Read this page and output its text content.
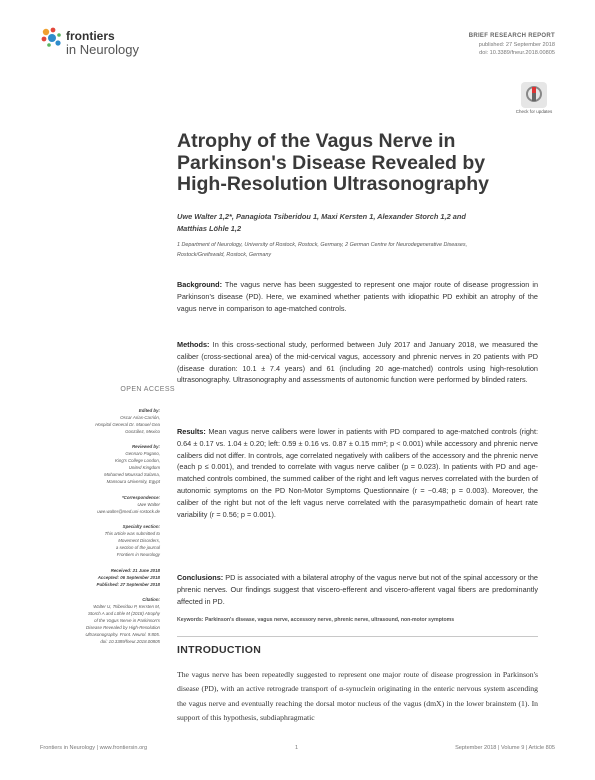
frontiers
in Neurology
BRIEF RESEARCH REPORT
published: 27 September 2018
doi: 10.3389/fneur.2018.00805
Check for updates
Atrophy of the Vagus Nerve in Parkinson's Disease Revealed by High-Resolution Ultrasonography
Uwe Walter 1,2*, Panagiota Tsiberidou 1, Maxi Kersten 1, Alexander Storch 1,2 and
Matthias Löhle 1,2
1 Department of Neurology, University of Rostock, Rostock, Germany, 2 German Centre for Neurodegenerative Diseases,
Rostock/Greifswald, Rostock, Germany
Background: The vagus nerve has been suggested to represent one major route of disease progression in Parkinson's disease (PD). Here, we examined whether patients with idiopathic PD exhibit an atrophy of the vagus nerve in comparison to age-matched controls.
Methods: In this cross-sectional study, performed between July 2017 and January 2018, we measured the caliber (cross-sectional area) of the mid-cervical vagus, accessory and phrenic nerves in 20 patients with PD (disease duration: 10.1 ± 7.4 years) and 61 (including 20 age-matched) controls using high-resolution ultrasonography. Ultrasonography and assessments of autonomic function were performed by blinded raters.
Results: Mean vagus nerve calibers were lower in patients with PD compared to age-matched controls (right: 0.64 ± 0.17 vs. 1.04 ± 0.20; left: 0.59 ± 0.16 vs. 0.87 ± 0.15 mm²; p < 0.001) while accessory and phrenic nerve calibers did not differ. In controls, age correlated negatively with calibers of the accessory and the phrenic nerve (each p ≤ 0.001), and trended to correlate with vagus nerve caliber (p = 0.023). In patients with PD and age-matched controls combined, the summed caliber of the right and left vagus nerves correlated with the burden of autonomic symptoms on the PD Non-Motor Symptoms Questionnaire (r = −0.48; p = 0.003). Moreover, the caliber of the right but not of the left vagus nerve correlated with the parasympathetic domain of heart rate variability (r = 0.56; p = 0.001).
Conclusions: PD is associated with a bilateral atrophy of the vagus nerve but not of the spinal accessory or the phrenic nerves. Our findings suggest that viscero-efferent and viscero-afferent vagal fibers are predominantly affected in PD.
Keywords: Parkinson's disease, vagus nerve, accessory nerve, phrenic nerve, ultrasound, non-motor symptoms
INTRODUCTION
The vagus nerve has been repeatedly suggested to represent one major route of disease progression in Parkinson's disease (PD), with an active retrograde transport of α-synuclein originating in the enteric nervous system ascending the vagus nerve and eventually reaching the dorsal motor nucleus of the vagus (dmX) in the lower brainstem (1). In support of this hypothesis, subdiaphragmatic
OPEN ACCESS
Edited by:
Oscar Arias-Carrión,
Hospital General Dr. Manuel Gea
González, Mexico
Reviewed by:
Gennaro Pagano,
King's College London,
United Kingdom
Mohamed Moussad Salama,
Mansoura University, Egypt
*Correspondence:
Uwe Walter
uwe.walter@med.uni-rostock.de
Specialty section:
This article was submitted to
Movement Disorders,
a section of the journal
Frontiers in Neurology
Received: 21 June 2018
Accepted: 06 September 2018
Published: 27 September 2018
Citation:
Walter U, Tsiberidou P, Kersten M,
Storch A and Löhle M (2018) Atrophy
of the Vagus Nerve in Parkinson's
Disease Revealed by High-Resolution
Ultrasonography. Front. Neurol. 9:805.
doi: 10.3389/fneur.2018.00805
Frontiers in Neurology | www.frontiersin.org	1	September 2018 | Volume 9 | Article 805
